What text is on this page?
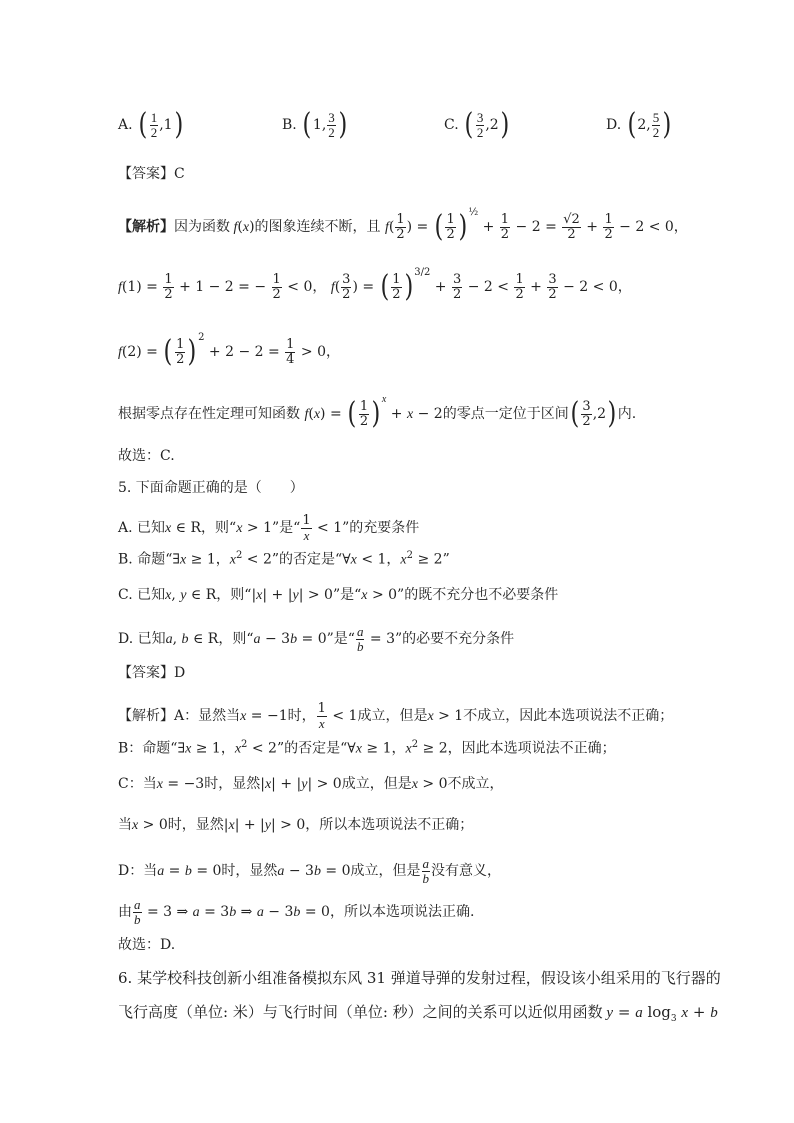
A. ( $\frac{1}{2} ,1$)	B. (1, $\frac{3}{2}$ )	C. ( $\frac{3}{2} ,2$)	D. (2, $\frac{5}{2}$ )
【答案】C
【解析】因为函数 f(x)的图象连续不断，且 $f( \frac{1}{2}$ ) = ( $\frac{1}{2} )^{\frac{1}{2}} + \frac{1}{2} - 2 = \frac{√2}{2} + \frac{1}{2} - 2 < 0$，
$f(1) = \frac{1}{2} + 1 - 2$ = − $\frac{1}{2} < 0$， $f( \frac{3}{2}$ ) = ( $\frac{1}{2} )^{3/2} + \frac{3}{2} - 2 < \frac{1}{2} + \frac{3}{2} - 2 < 0$，
f(2) = ( $\frac{1}{2} )^2 + 2 - 2 = \frac{1}{4} > 0$，
根据零点存在性定理可知函数 f(x) = ( $\frac{1}{2} )^x + x - 2$的零点一定位于区间( $\frac{3}{2} ,2$)内.
故选：C.
5. 下面命题正确的是（　　）
A. 已知x ∈ R，则“x > 1”是“ $\frac{1}{x} < 1$”的充要条件
B. 命题“∃x ≥ 1，$x^2 < 2$”的否定是“∀x < 1，$x^2 \ge 2$”
C. 已知x, y ∈ R，则“|x| + |y| > 0”是“x > 0”的既不充分也不必要条件
D. 已知a, b ∈ R，则“a − 3b = 0”是“ $\frac{a}{b} = 3$”的必要不充分条件
【答案】D
【解析】A：显然当x = −1时， $\frac{1}{x} < 1$成立，但是x > 1不成立，因此本选项说法不正确；
B：命题“∃x ≥ 1，$x^2 < 2$”的否定是“∀x ≥ 1，$x^2 \ge 2$，因此本选项说法不正确；
C：当x = −3时，显然|x| + |y| > 0成立，但是x > 0不成立，
当x > 0时，显然|x| + |y| > 0，所以本选项说法不正确；
D：当a = b = 0时，显然a − 3b = 0成立，但是 $\frac{a}{b}$ 没有意义，
由 $\frac{a}{b} = 3$ ⇒ a = 3b ⇒ a − 3b = 0，所以本选项说法正确.
故选：D.
6. 某学校科技创新小组准备模拟东风 31 弹道导弹的发射过程，假设该小组采用的飞行器的
飞行高度（单位: 米）与飞行时间（单位: 秒）之间的关系可以近似用函数 y = a $\log_3 x + b$
